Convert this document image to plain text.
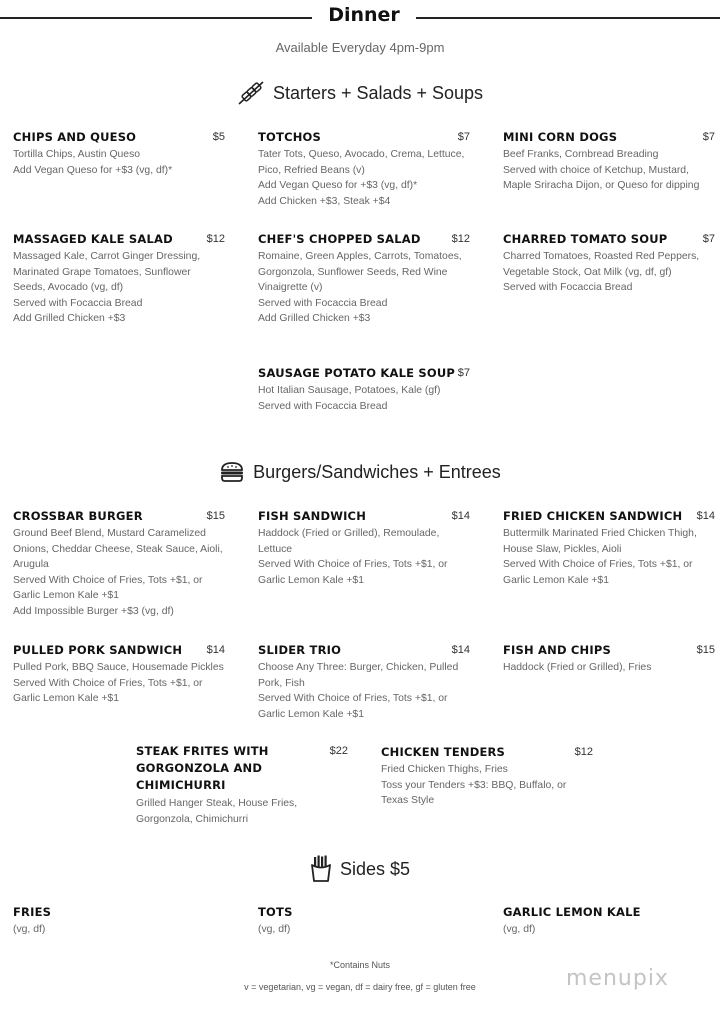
Dinner
Available Everyday 4pm-9pm
Starters + Salads + Soups
CHIPS AND QUESO	$5
Tortilla Chips, Austin Queso
Add Vegan Queso for +$3 (vg, df)*
TOTCHOS	$7
Tater Tots, Queso, Avocado, Crema, Lettuce, Pico, Refried Beans (v)
Add Vegan Queso for +$3 (vg, df)*
Add Chicken +$3, Steak +$4
MINI CORN DOGS	$7
Beef Franks, Cornbread Breading
Served with choice of Ketchup, Mustard, Maple Sriracha Dijon, or Queso for dipping
MASSAGED KALE SALAD	$12
Massaged Kale, Carrot Ginger Dressing, Marinated Grape Tomatoes, Sunflower Seeds, Avocado (vg, df)
Served with Focaccia Bread
Add Grilled Chicken +$3
CHEF'S CHOPPED SALAD	$12
Romaine, Green Apples, Carrots, Tomatoes, Gorgonzola, Sunflower Seeds, Red Wine Vinaigrette (v)
Served with Focaccia Bread
Add Grilled Chicken +$3
CHARRED TOMATO SOUP	$7
Charred Tomatoes, Roasted Red Peppers, Vegetable Stock, Oat Milk (vg, df, gf)
Served with Focaccia Bread
SAUSAGE POTATO KALE SOUP $7
Hot Italian Sausage, Potatoes, Kale (gf)
Served with Focaccia Bread
Burgers/Sandwiches + Entrees
CROSSBAR BURGER	$15
Ground Beef Blend, Mustard Caramelized Onions, Cheddar Cheese, Steak Sauce, Aioli, Arugula
Served With Choice of Fries, Tots +$1, or Garlic Lemon Kale +$1
Add Impossible Burger +$3 (vg, df)
FISH SANDWICH	$14
Haddock (Fried or Grilled), Remoulade, Lettuce
Served With Choice of Fries, Tots +$1, or Garlic Lemon Kale +$1
FRIED CHICKEN SANDWICH	$14
Buttermilk Marinated Fried Chicken Thigh, House Slaw, Pickles, Aioli
Served With Choice of Fries, Tots +$1, or Garlic Lemon Kale +$1
PULLED PORK SANDWICH	$14
Pulled Pork, BBQ Sauce, Housemade Pickles
Served With Choice of Fries, Tots +$1, or Garlic Lemon Kale +$1
SLIDER TRIO	$14
Choose Any Three: Burger, Chicken, Pulled Pork, Fish
Served With Choice of Fries, Tots +$1, or Garlic Lemon Kale +$1
FISH AND CHIPS	$15
Haddock (Fried or Grilled), Fries
STEAK FRITES WITH GORGONZOLA AND CHIMICHURRI
$22
Grilled Hanger Steak, House Fries, Gorgonzola, Chimichurri
CHICKEN TENDERS	$12
Fried Chicken Thighs, Fries
Toss your Tenders +$3: BBQ, Buffalo, or Texas Style
Sides $5
FRIES
(vg, df)
TOTS
(vg, df)
GARLIC LEMON KALE
(vg, df)
*Contains Nuts
v = vegetarian, vg = vegan, df = dairy free, gf = gluten free	menupix
